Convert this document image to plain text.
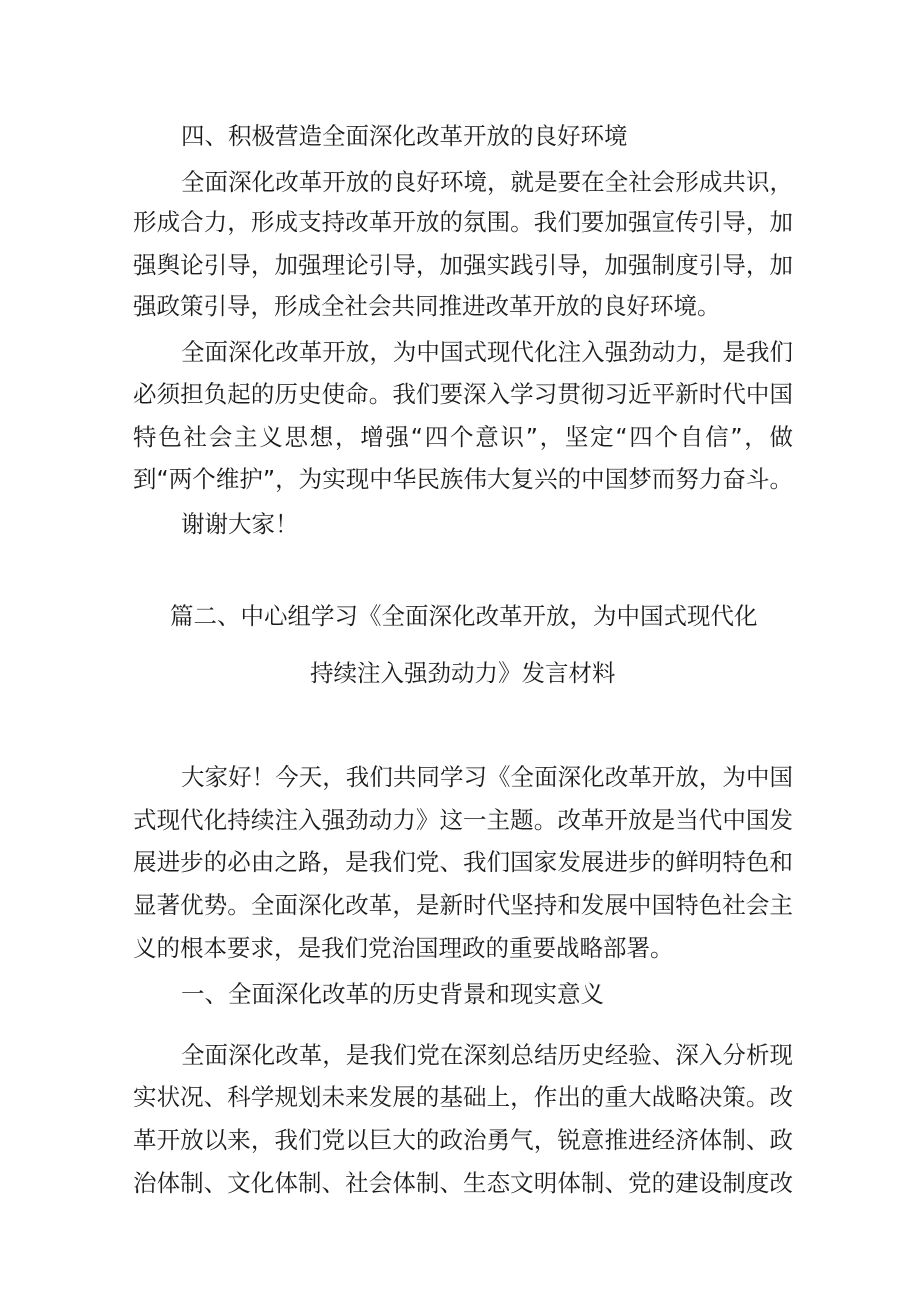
四、积极营造全面深化改革开放的良好环境
全面深化改革开放的良好环境，就是要在全社会形成共识，
形成合力，形成支持改革开放的氛围。我们要加强宣传引导，加
强舆论引导，加强理论引导，加强实践引导，加强制度引导，加
强政策引导，形成全社会共同推进改革开放的良好环境。
全面深化改革开放，为中国式现代化注入强劲动力，是我们
必须担负起的历史使命。我们要深入学习贯彻习近平新时代中国
特色社会主义思想，增强“四个意识”，坚定“四个自信”，做
到“两个维护”，为实现中华民族伟大复兴的中国梦而努力奋斗。
谢谢大家！
篇二、中心组学习《全面深化改革开放，为中国式现代化
持续注入强劲动力》发言材料
大家好！今天，我们共同学习《全面深化改革开放，为中国
式现代化持续注入强劲动力》这一主题。改革开放是当代中国发
展进步的必由之路，是我们党、我们国家发展进步的鲜明特色和
显著优势。全面深化改革，是新时代坚持和发展中国特色社会主
义的根本要求，是我们党治国理政的重要战略部署。
一、全面深化改革的历史背景和现实意义
全面深化改革，是我们党在深刻总结历史经验、深入分析现
实状况、科学规划未来发展的基础上，作出的重大战略决策。改
革开放以来，我们党以巨大的政治勇气，锐意推进经济体制、政
治体制、文化体制、社会体制、生态文明体制、党的建设制度改
